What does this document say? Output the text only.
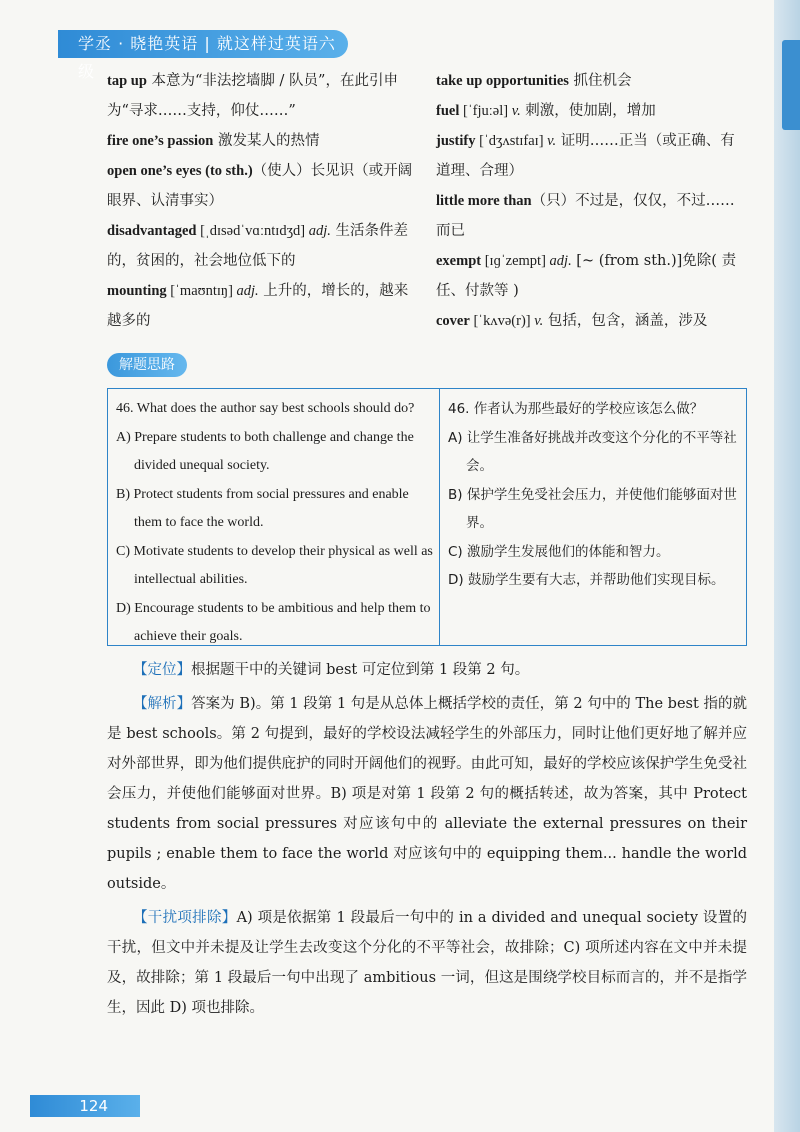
学丞 · 晓艳英语 | 就这样过英语六级 tap up 本意为“非法挖墙脚 / 队员”，在此引申为“寻求……支持，仰仗……”

fire one’s passion 激发某人的热情

open one’s eyes (to sth.)（使人）长见识（或开阔眼界、认清事实）

disadvantaged [ˌdɪsədˈvɑːntɪdʒd] adj. 生活条件差的，贫困的，社会地位低下的

mounting [ˈmaʊntɪŋ] adj. 上升的，增长的，越来越多的

take up opportunities 抓住机会

fuel [ˈfjuːəl] v. 刺激，使加剧，增加

justify [ˈdʒʌstɪfaɪ] v. 证明……正当（或正确、有道理、合理）

little more than（只）不过是，仅仅，不过……而已

exempt [ɪɡˈzempt] adj. [~ (from sth.)]免除( 责任、付款等 )

cover [ˈkʌvə(r)] v. 包括，包含，涵盖，涉及

解题思路

46. What does the author say best schools should do?

A) Prepare students to both challenge and change the divided unequal society.

B) Protect students from social pressures and enable them to face the world.

C) Motivate students to develop their physical as well as intellectual abilities.

D) Encourage students to be ambitious and help them to achieve their goals.

46. 作者认为那些最好的学校应该怎么做？

A) 让学生准备好挑战并改变这个分化的不平等社会。

B) 保护学生免受社会压力，并使他们能够面对世界。

C) 激励学生发展他们的体能和智力。

D) 鼓励学生要有大志，并帮助他们实现目标。

【定位】根据题干中的关键词 best 可定位到第 1 段第 2 句。

【解析】答案为 B)。第 1 段第 1 句是从总体上概括学校的责任，第 2 句中的 The best 指的就是 best schools。第 2 句提到，最好的学校设法减轻学生的外部压力，同时让他们更好地了解并应对外部世界，即为他们提供庇护的同时开阔他们的视野。由此可知，最好的学校应该保护学生免受社会压力，并使他们能够面对世界。B) 项是对第 1 段第 2 句的概括转述，故为答案，其中 Protect students from social pressures 对应该句中的 alleviate the external pressures on their pupils ; enable them to face the world 对应该句中的 equipping them... handle the world outside。

【干扰项排除】A) 项是依据第 1 段最后一句中的 in a divided and unequal society 设置的干扰，但文中并未提及让学生去改变这个分化的不平等社会，故排除；C) 项所述内容在文中并未提及，故排除；第 1 段最后一句中出现了 ambitious 一词，但这是围绕学校目标而言的，并不是指学生，因此 D) 项也排除。

124
